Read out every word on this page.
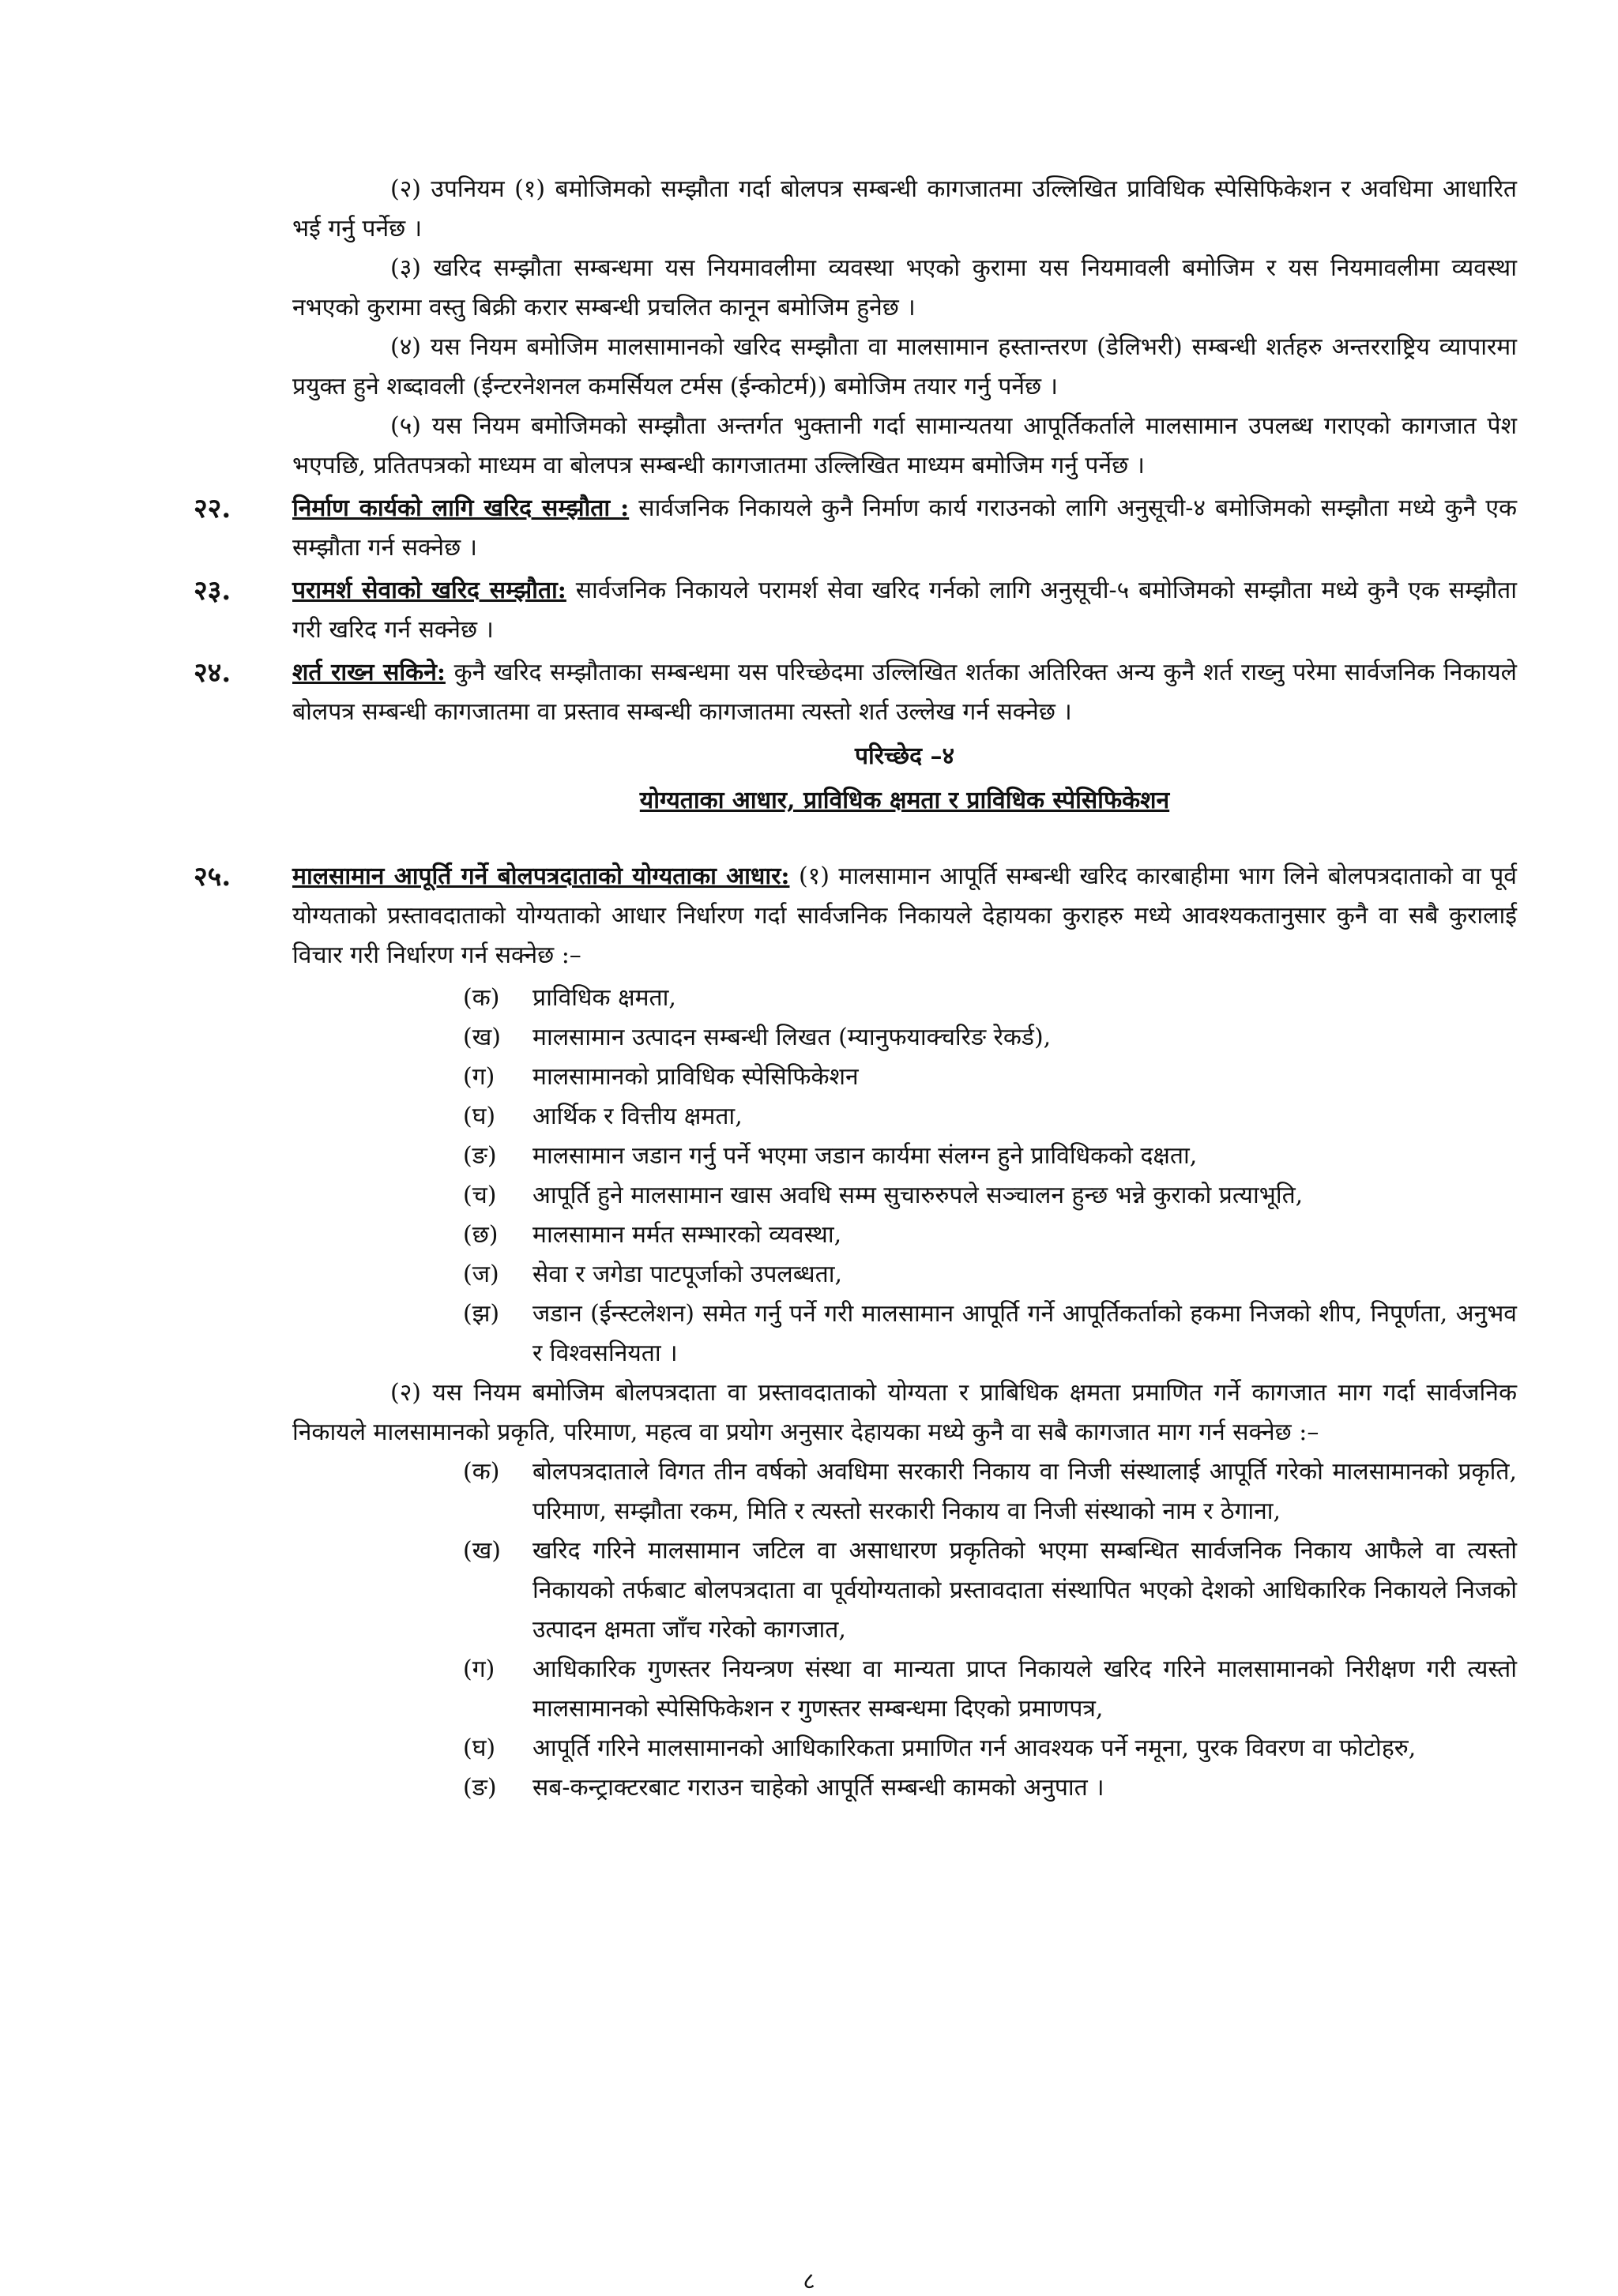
(२) उपनियम (१) बमोजिमको सम्झौता गर्दा बोलपत्र सम्बन्धी कागजातमा उल्लिखित प्राविधिक स्पेसिफिकेशन र अवधिमा आधारित भई गर्नु पर्नेछ ।

(३) खरिद सम्झौता सम्बन्धमा यस नियमावलीमा व्यवस्था भएको कुरामा यस नियमावली बमोजिम र यस नियमावलीमा व्यवस्था नभएको कुरामा वस्तु बिक्री करार सम्बन्धी प्रचलित कानून बमोजिम हुनेछ ।

(४) यस नियम बमोजिम मालसामानको खरिद सम्झौता वा मालसामान हस्तान्तरण (डेलिभरी) सम्बन्धी शर्तहरु अन्तरराष्ट्रिय व्यापारमा प्रयुक्त हुने शब्दावली (ईन्टरनेशनल कमर्सियल टर्मस (ईन्कोटर्म)) बमोजिम तयार गर्नु पर्नेछ ।

(५) यस नियम बमोजिमको सम्झौता अन्तर्गत भुक्तानी गर्दा सामान्यतया आपूर्तिकर्ताले मालसामान उपलब्ध गराएको कागजात पेश भएपछि, प्रतितपत्रको माध्यम वा बोलपत्र सम्बन्धी कागजातमा उल्लिखित माध्यम बमोजिम गर्नु पर्नेछ ।

२२.	निर्माण कार्यको लागि खरिद सम्झौता : सार्वजनिक निकायले कुनै निर्माण कार्य गराउनको लागि अनुसूची-४ बमोजिमको सम्झौता मध्ये कुनै एक सम्झौता गर्न सक्नेछ ।

२३.	परामर्श सेवाको खरिद सम्झौता: सार्वजनिक निकायले परामर्श सेवा खरिद गर्नको लागि अनुसूची-५ बमोजिमको सम्झौता मध्ये कुनै एक सम्झौता गरी खरिद गर्न सक्नेछ ।

२४.	शर्त राख्न सकिने: कुनै खरिद सम्झौताका सम्बन्धमा यस परिच्छेदमा उल्लिखित शर्तका अतिरिक्त अन्य कुनै शर्त राख्नु परेमा सार्वजनिक निकायले बोलपत्र सम्बन्धी कागजातमा वा प्रस्ताव सम्बन्धी कागजातमा त्यस्तो शर्त उल्लेख गर्न सक्नेछ ।

परिच्छेद –४
योग्यताका आधार, प्राविधिक क्षमता र प्राविधिक स्पेसिफिकेशन
२५.	मालसामान आपूर्ति गर्ने बोलपत्रदाताको योग्यताका आधार: (१) मालसामान आपूर्ति सम्बन्धी खरिद कारबाहीमा भाग लिने बोलपत्रदाताको वा पूर्व योग्यताको प्रस्तावदाताको योग्यताको आधार निर्धारण गर्दा सार्वजनिक निकायले देहायका कुराहरु मध्ये आवश्यकतानुसार कुनै वा सबै कुरालाई विचार गरी निर्धारण गर्न सक्नेछ :–

(क) प्राविधिक क्षमता,
(ख) मालसामान उत्पादन सम्बन्धी लिखत (म्यानुफयाक्चरिङ रेकर्ड),
(ग) मालसामानको प्राविधिक स्पेसिफिकेशन
(घ) आर्थिक र वित्तीय क्षमता,
(ङ) मालसामान जडान गर्नु पर्ने भएमा जडान कार्यमा संलग्न हुने प्राविधिकको दक्षता,
(च) आपूर्ति हुने मालसामान खास अवधि सम्म सुचारुरुपले सञ्चालन हुन्छ भन्ने कुराको प्रत्याभूति,
(छ) मालसामान मर्मत सम्भारको व्यवस्था,
(ज) सेवा र जगेडा पाटपूर्जाको उपलब्धता,
(झ) जडान (ईन्स्टलेशन) समेत गर्नु पर्ने गरी मालसामान आपूर्ति गर्ने आपूर्तिकर्ताको हकमा निजको शीप, निपूर्णता, अनुभव र विश्वसनियता ।

(२) यस नियम बमोजिम बोलपत्रदाता वा प्रस्तावदाताको योग्यता र प्राबिधिक क्षमता प्रमाणित गर्ने कागजात माग गर्दा सार्वजनिक निकायले मालसामानको प्रकृति, परिमाण, महत्व वा प्रयोग अनुसार देहायका मध्ये कुनै वा सबै कागजात माग गर्न सक्नेछ :–

(क) बोलपत्रदाताले विगत तीन वर्षको अवधिमा सरकारी निकाय वा निजी संस्थालाई आपूर्ति गरेको मालसामानको प्रकृति, परिमाण, सम्झौता रकम, मिति र त्यस्तो सरकारी निकाय वा निजी संस्थाको नाम र ठेगाना,
(ख) खरिद गरिने मालसामान जटिल वा असाधारण प्रकृतिको भएमा सम्बन्धित सार्वजनिक निकाय आफैले वा त्यस्तो निकायको तर्फबाट बोलपत्रदाता वा पूर्वयोग्यताको प्रस्तावदाता संस्थापित भएको देशको आधिकारिक निकायले निजको उत्पादन क्षमता जाँच गरेको कागजात,
(ग) आधिकारिक गुणस्तर नियन्त्रण संस्था वा मान्यता प्राप्त निकायले खरिद गरिने मालसामानको निरीक्षण गरी त्यस्तो मालसामानको स्पेसिफिकेशन र गुणस्तर सम्बन्धमा दिएको प्रमाणपत्र,
(घ) आपूर्ति गरिने मालसामानको आधिकारिकता प्रमाणित गर्न आवश्यक पर्ने नमूना, पुरक विवरण वा फोटोहरु,
(ङ) सब-कन्ट्राक्टरबाट गराउन चाहेको आपूर्ति सम्बन्धी कामको अनुपात ।
८
